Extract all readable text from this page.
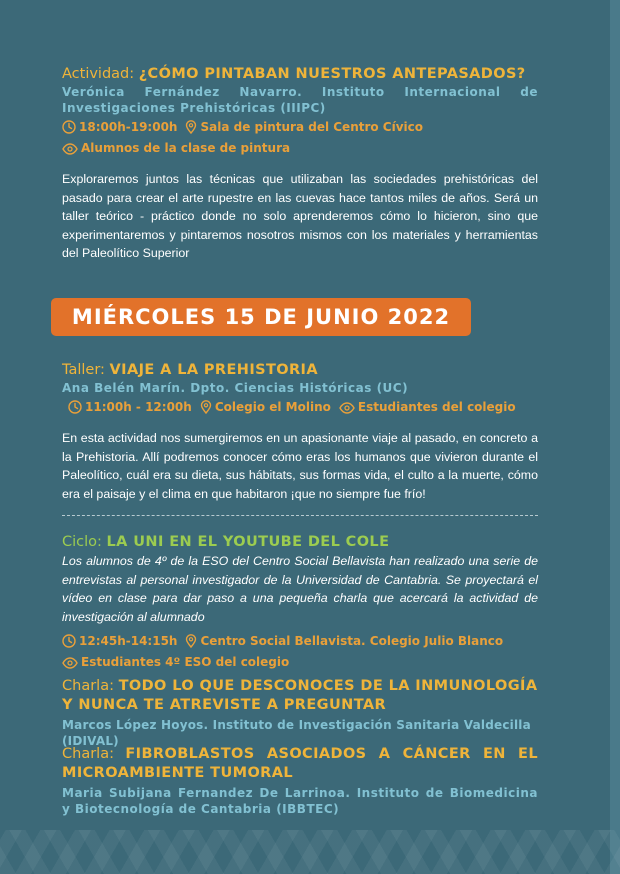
Actividad: ¿CÓMO PINTABAN NUESTROS ANTEPASADOS?
Verónica Fernández Navarro. Instituto Internacional de Investigaciones Prehistóricas (IIIPC)
18:00h-19:00h Sala de pintura del Centro Cívico
Alumnos de la clase de pintura

Exploraremos juntos las técnicas que utilizaban las sociedades prehistóricas del pasado para crear el arte rupestre en las cuevas hace tantos miles de años. Será un taller teórico - práctico donde no solo aprenderemos cómo lo hicieron, sino que experimentaremos y pintaremos nosotros mismos con los materiales y herramientas del Paleolítico Superior

MIÉRCOLES 15 DE JUNIO 2022
Taller: VIAJE A LA PREHISTORIA
Ana Belén Marín. Dpto. Ciencias Históricas (UC)
11:00h - 12:00h Colegio el Molino Estudiantes del colegio

En esta actividad nos sumergiremos en un apasionante viaje al pasado, en concreto a la Prehistoria. Allí podremos conocer cómo eras los humanos que vivieron durante el Paleolítico, cuál era su dieta, sus hábitats, sus formas vida, el culto a la muerte, cómo era el paisaje y el clima en que habitaron ¡que no siempre fue frío!

Ciclo: LA UNI EN EL YOUTUBE DEL COLE

Los alumnos de 4º de la ESO del Centro Social Bellavista han realizado una serie de entrevistas al personal investigador de la Universidad de Cantabria. Se proyectará el vídeo en clase para dar paso a una pequeña charla que acercará la actividad de investigación al alumnado

12:45h-14:15h Centro Social Bellavista. Colegio Julio Blanco
Estudiantes 4º ESO del colegio
Charla: TODO LO QUE DESCONOCES DE LA INMUNOLOGÍA Y NUNCA TE ATREVISTE A PREGUNTAR
Marcos López Hoyos. Instituto de Investigación Sanitaria Valdecilla (IDIVAL)
Charla: FIBROBLASTOS ASOCIADOS A CÁNCER EN EL MICROAMBIENTE TUMORAL
Maria Subijana Fernandez De Larrinoa. Instituto de Biomedicina y Biotecnología de Cantabria (IBBTEC)
